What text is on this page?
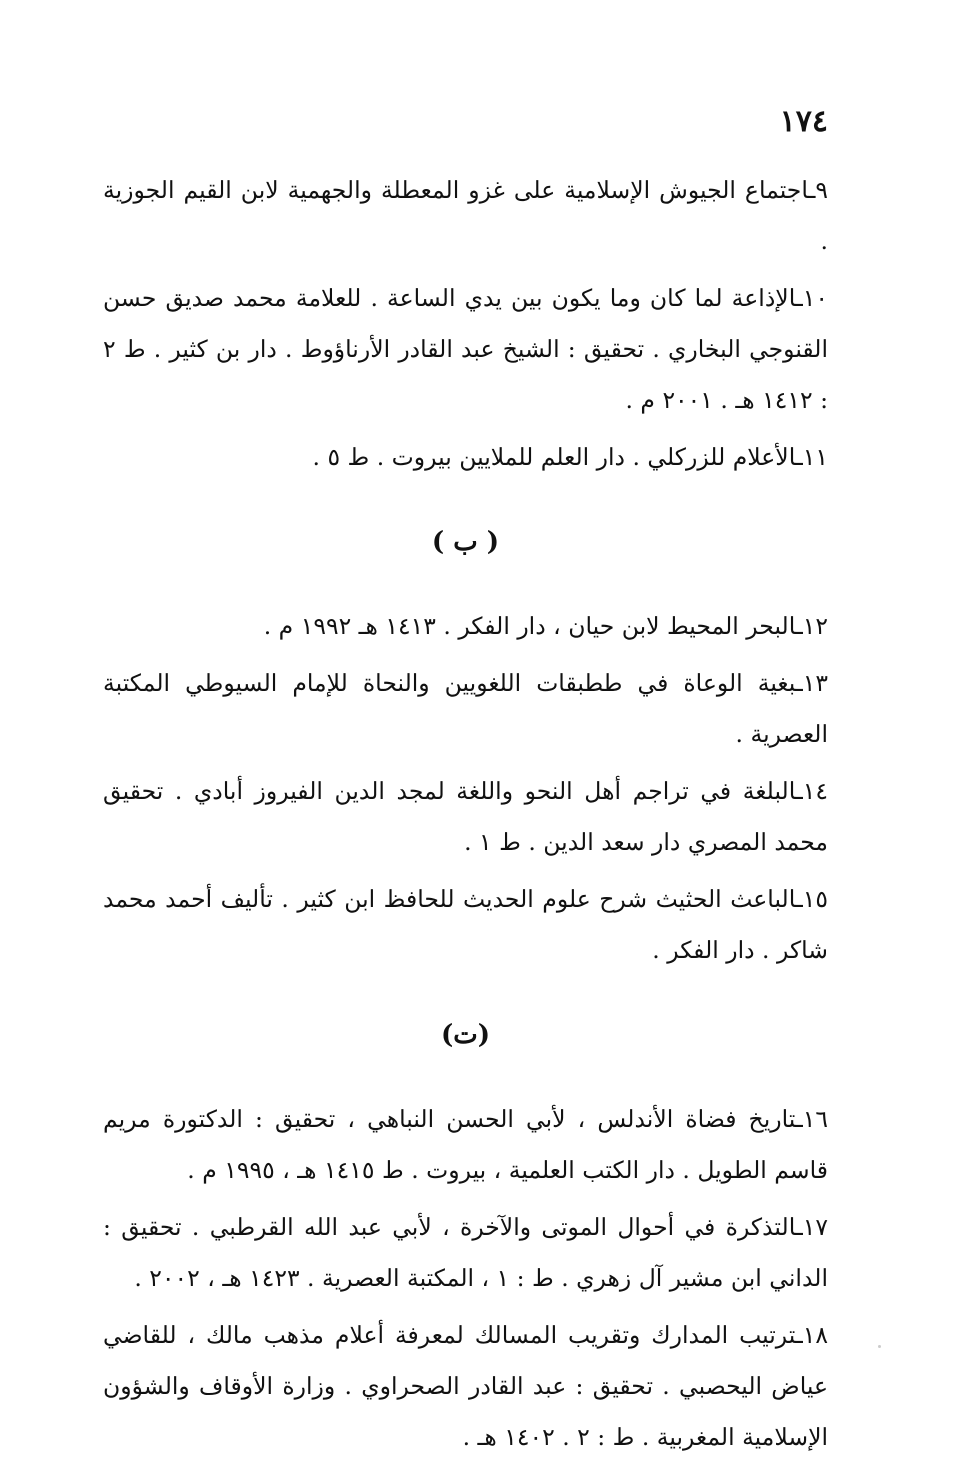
١٧٤
٩ـاجتماع الجيوش الإسلامية على غزو المعطلة والجهمية لابن القيم الجوزية .
١٠ـالإذاعة لما كان وما يكون بين يدي الساعة . للعلامة محمد صديق حسن القنوجي البخاري . تحقيق : الشيخ عبد القادر الأرناؤوط . دار بن كثير . ط ٢ : ١٤١٢ هـ . ٢٠٠١ م .
١١ـالأعلام للزركلي . دار العلم للملايين بيروت . ط ٥ .
( ب )
١٢ـالبحر المحيط لابن حيان ، دار الفكر . ١٤١٣ هـ ١٩٩٢ م .
١٣ـبغية الوعاة في ططبقات اللغويين والنحاة للإمام السيوطي المكتبة العصرية .
١٤ـالبلغة في تراجم أهل النحو واللغة لمجد الدين الفيروز أبادي . تحقيق محمد المصري دار سعد الدين . ط ١ .
١٥ـالباعث الحثيث شرح علوم الحديث للحافظ ابن كثير . تأليف أحمد محمد شاكر . دار الفكر .
(ت)
١٦ـتاريخ فضاة الأندلس ، لأبي الحسن النباهي ، تحقيق : الدكتورة مريم قاسم الطويل . دار الكتب العلمية ، بيروت . ط ١٤١٥ هـ ، ١٩٩٥ م .
١٧ـالتذكرة في أحوال الموتى والآخرة ، لأبي عبد الله القرطبي . تحقيق : الداني ابن مشير آل زهري . ط : ١ ، المكتبة العصرية . ١٤٢٣ هـ ، ٢٠٠٢ .
١٨ـترتيب المدارك وتقريب المسالك لمعرفة أعلام مذهب مالك ، للقاضي عياض اليحصبي . تحقيق : عبد القادر الصحراوي . وزارة الأوقاف والشؤون الإسلامية المغربية . ط : ٢ . ١٤٠٢ هـ .
